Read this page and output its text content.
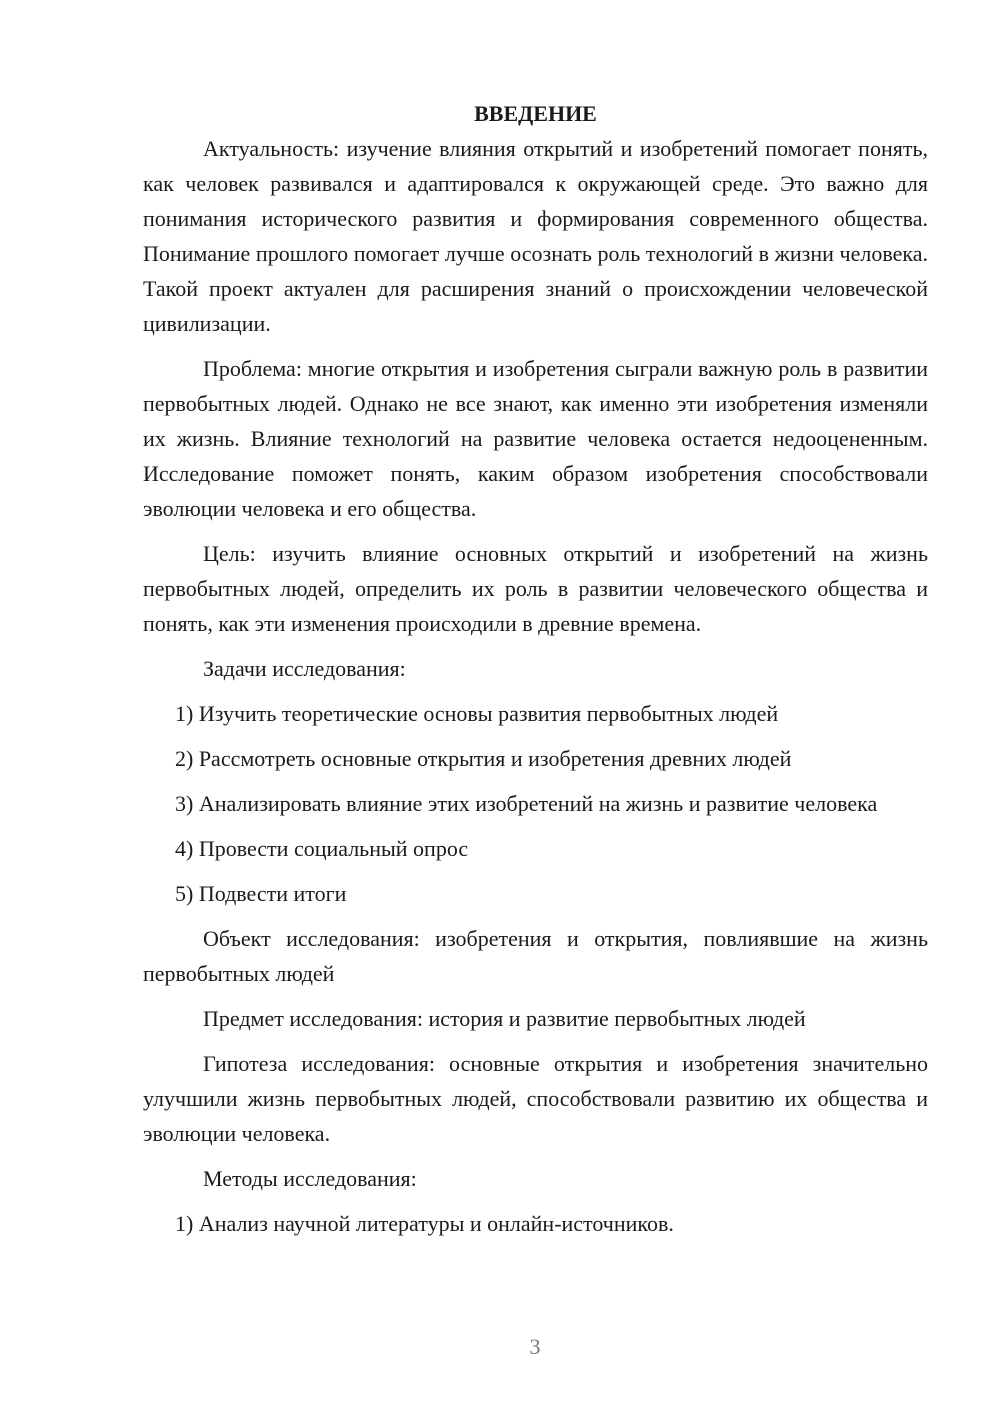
ВВЕДЕНИЕ

Актуальность: изучение влияния открытий и изобретений помогает понять, как человек развивался и адаптировался к окружающей среде. Это важно для понимания исторического развития и формирования современного общества. Понимание прошлого помогает лучше осознать роль технологий в жизни человека. Такой проект актуален для расширения знаний о происхождении человеческой цивилизации.

Проблема: многие открытия и изобретения сыграли важную роль в развитии первобытных людей. Однако не все знают, как именно эти изобретения изменяли их жизнь. Влияние технологий на развитие человека остается недооцененным. Исследование поможет понять, каким образом изобретения способствовали эволюции человека и его общества.

Цель: изучить влияние основных открытий и изобретений на жизнь первобытных людей, определить их роль в развитии человеческого общества и понять, как эти изменения происходили в древние времена.

Задачи исследования:

1) Изучить теоретические основы развития первобытных людей

2) Рассмотреть основные открытия и изобретения древних людей

3) Анализировать влияние этих изобретений на жизнь и развитие человека

4) Провести социальный опрос

5) Подвести итоги

Объект исследования: изобретения и открытия, повлиявшие на жизнь первобытных людей

Предмет исследования: история и развитие первобытных людей

Гипотеза исследования: основные открытия и изобретения значительно улучшили жизнь первобытных людей, способствовали развитию их общества и эволюции человека.

Методы исследования:

1) Анализ научной литературы и онлайн-источников.

3
